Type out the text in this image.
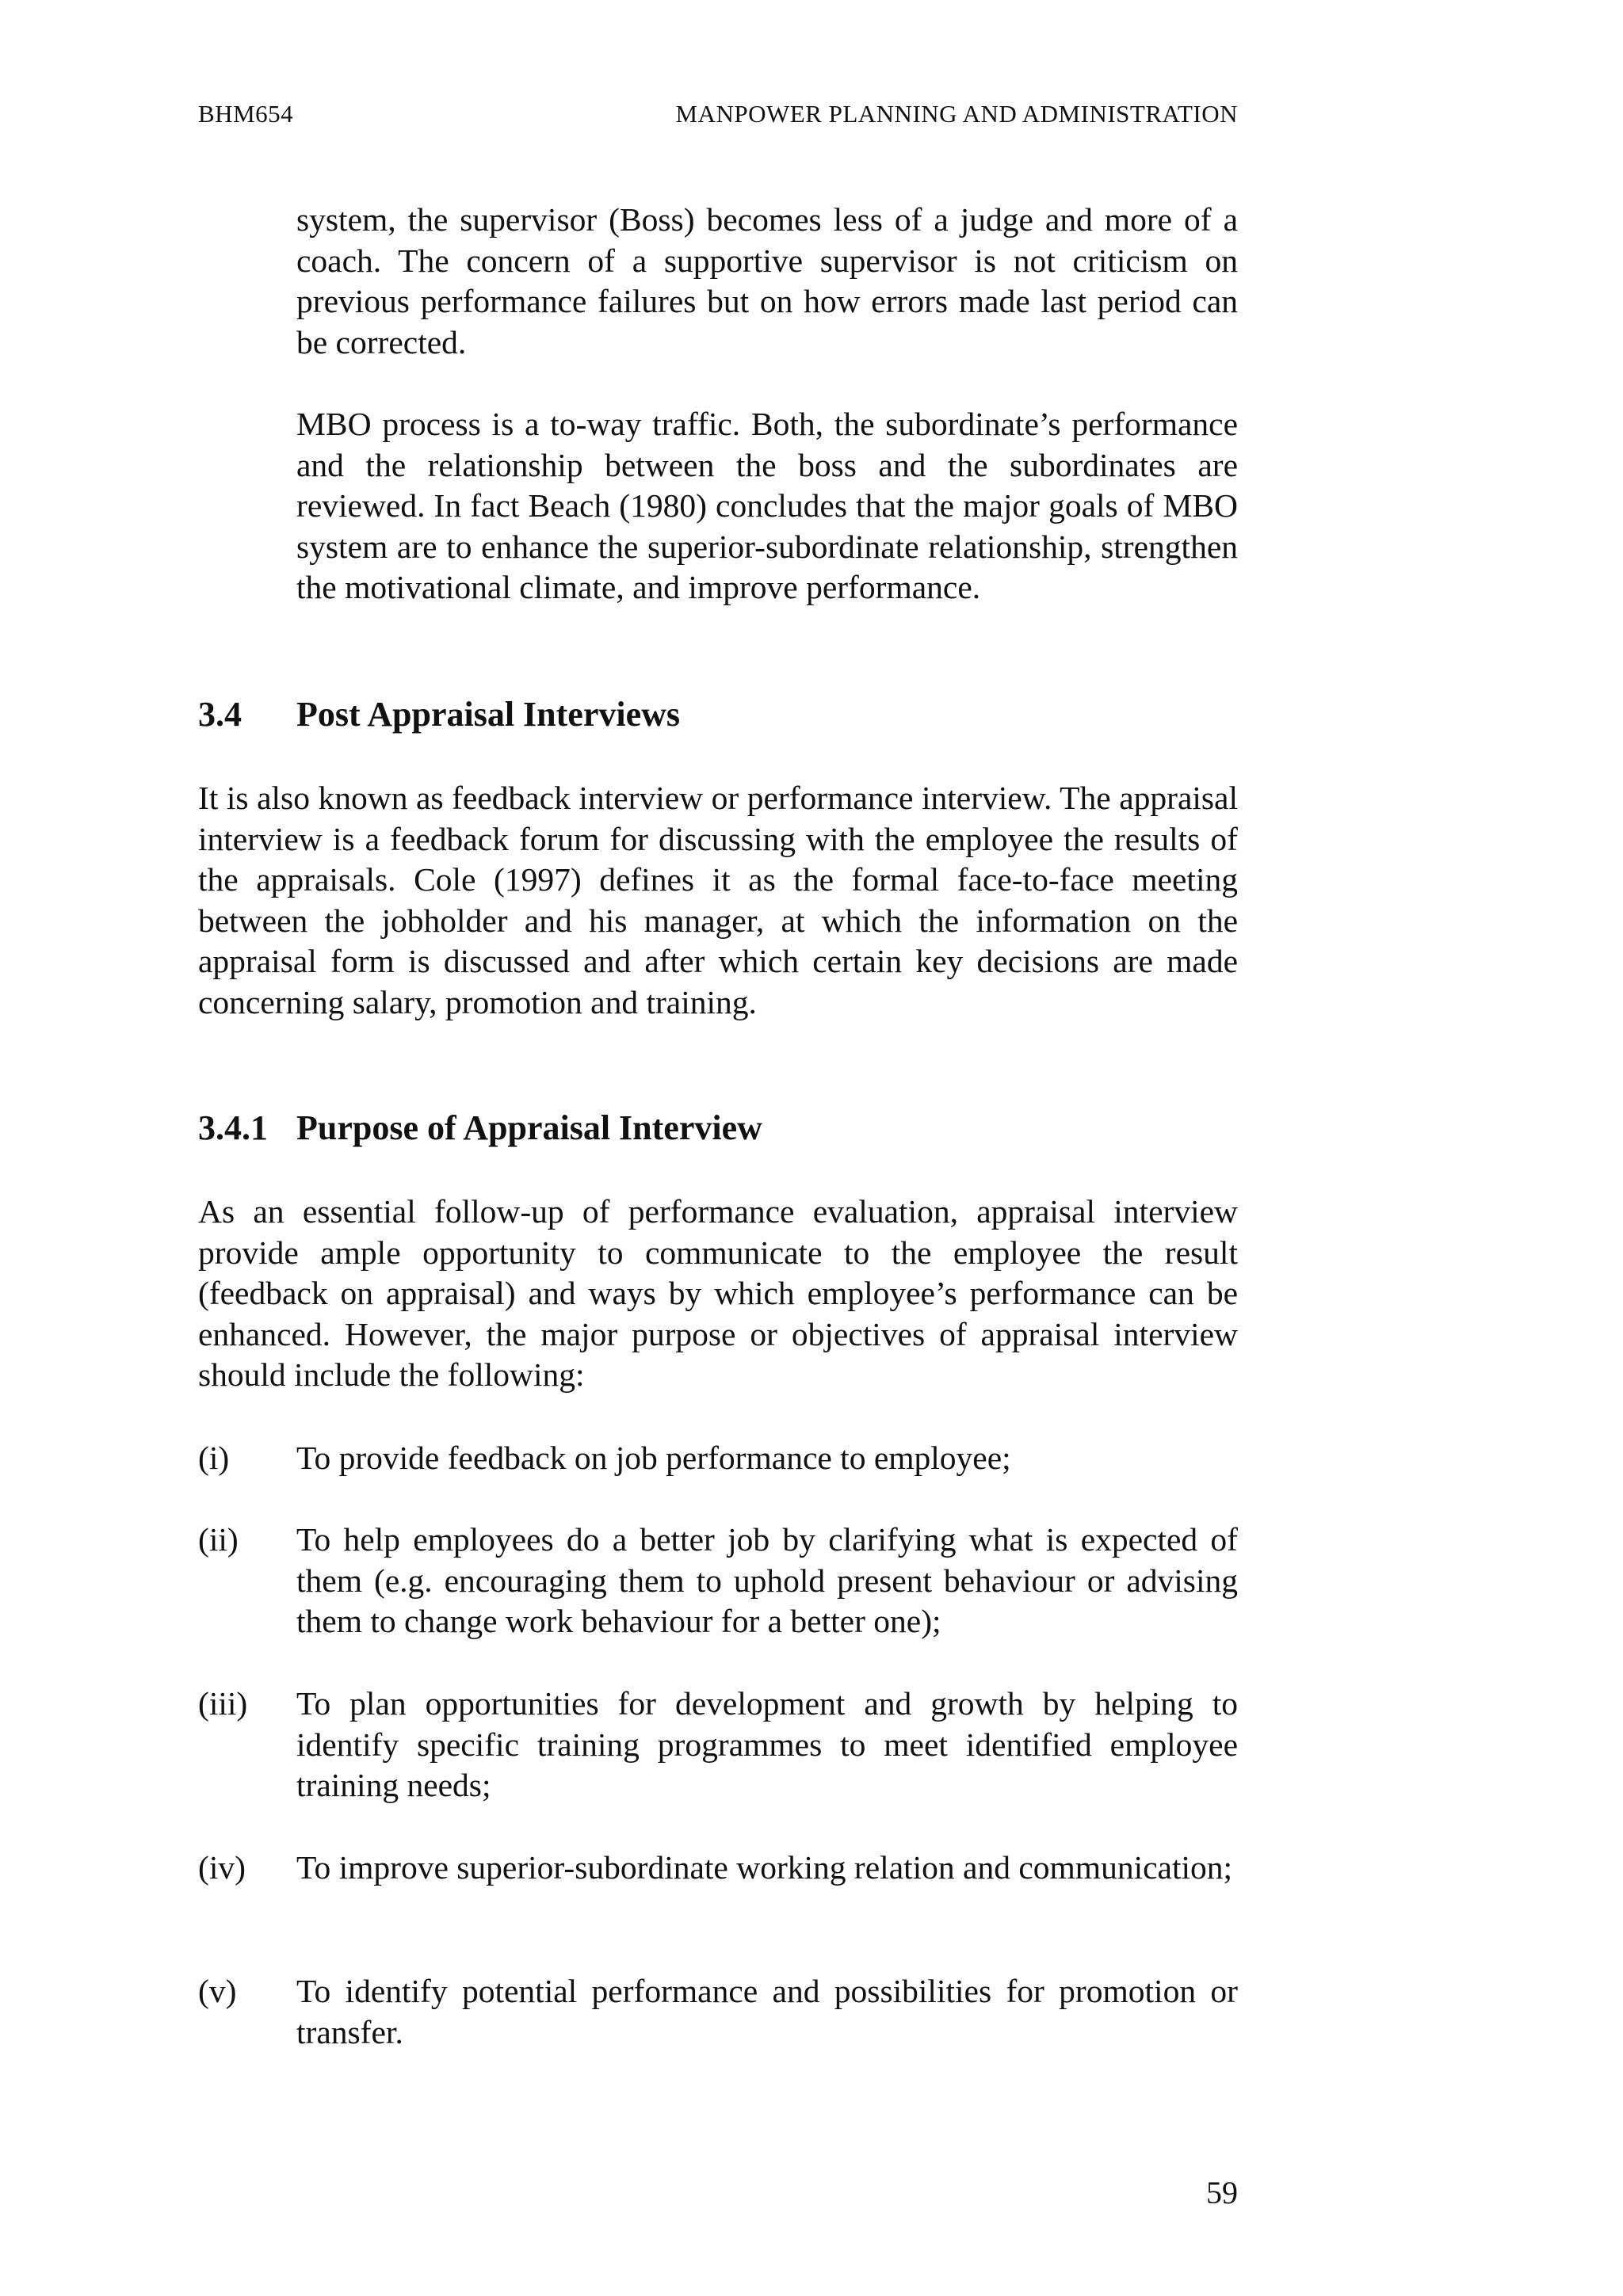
BHM654	MANPOWER PLANNING AND ADMINISTRATION

system, the supervisor (Boss) becomes less of a judge and more of a coach. The concern of a supportive supervisor is not criticism on previous performance failures but on how errors made last period can be corrected.

MBO process is a to-way traffic. Both, the subordinate’s performance and the relationship between the boss and the subordinates are reviewed. In fact Beach (1980) concludes that the major goals of MBO system are to enhance the superior-subordinate relationship, strengthen the motivational climate, and improve performance.

3.4 Post Appraisal Interviews

It is also known as feedback interview or performance interview. The appraisal interview is a feedback forum for discussing with the employee the results of the appraisals. Cole (1997) defines it as the formal face-to-face meeting between the jobholder and his manager, at which the information on the appraisal form is discussed and after which certain key decisions are made concerning salary, promotion and training.

3.4.1 Purpose of Appraisal Interview

As an essential follow-up of performance evaluation, appraisal interview provide ample opportunity to communicate to the employee the result (feedback on appraisal) and ways by which employee’s performance can be enhanced. However, the major purpose or objectives of appraisal interview should include the following:

(i) To provide feedback on job performance to employee;
(ii) To help employees do a better job by clarifying what is expected of them (e.g. encouraging them to uphold present behaviour or advising them to change work behaviour for a better one);
(iii) To plan opportunities for development and growth by helping to identify specific training programmes to meet identified employee training needs;
(iv) To improve superior-subordinate working relation and communication;
(v) To identify potential performance and possibilities for promotion or transfer.
59
